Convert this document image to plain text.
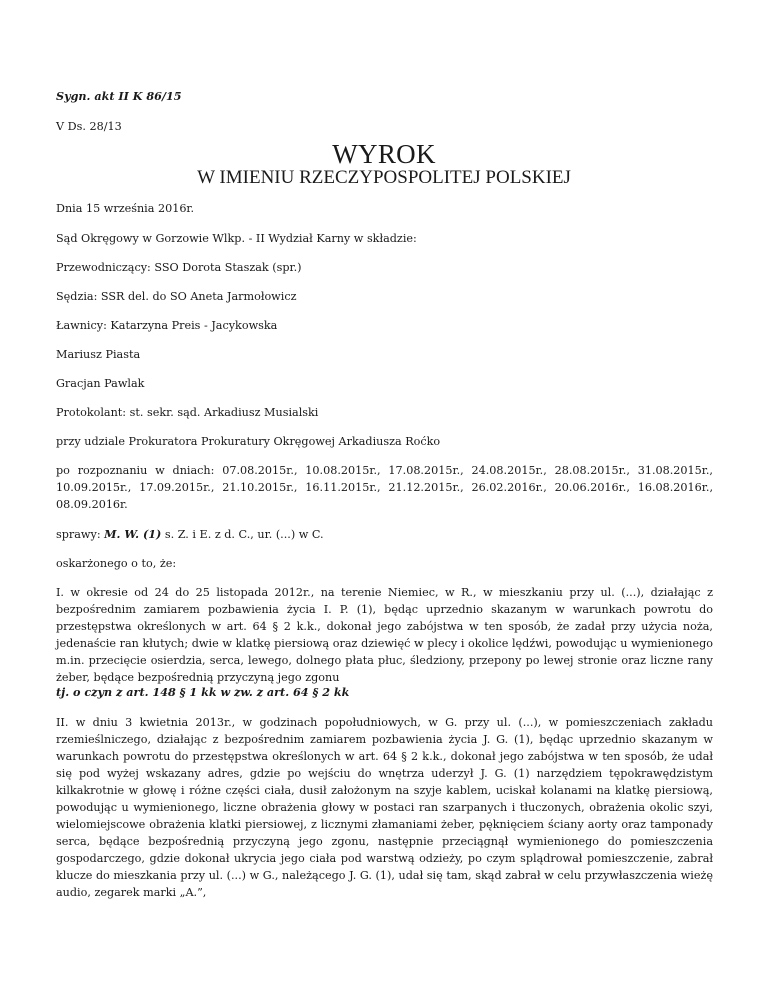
Sygn. akt II K 86/15

V Ds. 28/13

WYROK
W IMIENIU RZECZYPOSPOLITEJ POLSKIEJ

Dnia 15 września 2016r.

Sąd Okręgowy w Gorzowie Wlkp. - II Wydział Karny w składzie:

Przewodniczący: SSO Dorota Staszak (spr.)

Sędzia: SSR del. do SO Aneta Jarmołowicz

Ławnicy: Katarzyna Preis - Jacykowska

Mariusz Piasta

Gracjan Pawlak

Protokolant: st. sekr. sąd. Arkadiusz Musialski

przy udziale Prokuratora Prokuratury Okręgowej Arkadiusza Roćko

po rozpoznaniu w dniach: 07.08.2015r., 10.08.2015r., 17.08.2015r., 24.08.2015r., 28.08.2015r., 31.08.2015r., 10.09.2015r., 17.09.2015r., 21.10.2015r., 16.11.2015r., 21.12.2015r., 26.02.2016r., 20.06.2016r., 16.08.2016r., 08.09.2016r.

sprawy: M. W. (1) s. Z. i E. z d. C., ur. (...) w C.

oskarżonego o to, że:

I. w okresie od 24 do 25 listopada 2012r., na terenie Niemiec, w R., w mieszkaniu przy ul. (...), działając z bezpośrednim zamiarem pozbawienia życia I. P. (1), będąc uprzednio skazanym w warunkach powrotu do przestępstwa określonych w art. 64 § 2 k.k., dokonał jego zabójstwa w ten sposób, że zadał przy użycia noża, jedenaście ran kłutych; dwie w klatkę piersiową oraz dziewięć w plecy i okolice lędźwi, powodując u wymienionego m.in. przecięcie osierdzia, serca, lewego, dolnego płata płuc, śledziony, przepony po lewej stronie oraz liczne rany żeber, będące bezpośrednią przyczyną jego zgonu

tj. o czyn z art. 148 § 1 kk w zw. z art. 64 § 2 kk

II. w dniu 3 kwietnia 2013r., w godzinach popołudniowych, w G. przy ul. (...), w pomieszczeniach zakładu rzemieślniczego, działając z bezpośrednim zamiarem pozbawienia życia J. G. (1), będąc uprzednio skazanym w warunkach powrotu do przestępstwa określonych w art. 64 § 2 k.k., dokonał jego zabójstwa w ten sposób, że udał się pod wyżej wskazany adres, gdzie po wejściu do wnętrza uderzył J. G. (1) narzędziem tępokrawędzistym kilkakrotnie w głowę i różne części ciała, dusił założonym na szyje kablem, uciskał kolanami na klatkę piersiową, powodując u wymienionego, liczne obrażenia głowy w postaci ran szarpanych i tłuczonych, obrażenia okolic szyi, wielomiejscowe obrażenia klatki piersiowej, z licznymi złamaniami żeber, pęknięciem ściany aorty oraz tamponady serca, będące bezpośrednią przyczyną jego zgonu, następnie przeciągnął wymienionego do pomieszczenia gospodarczego, gdzie dokonał ukrycia jego ciała pod warstwą odzieży, po czym splądrował pomieszczenie, zabrał klucze do mieszkania przy ul. (...) w G., należącego J. G. (1), udał się tam, skąd zabrał w celu przywłaszczenia wieżę audio, zegarek marki „A.”,
